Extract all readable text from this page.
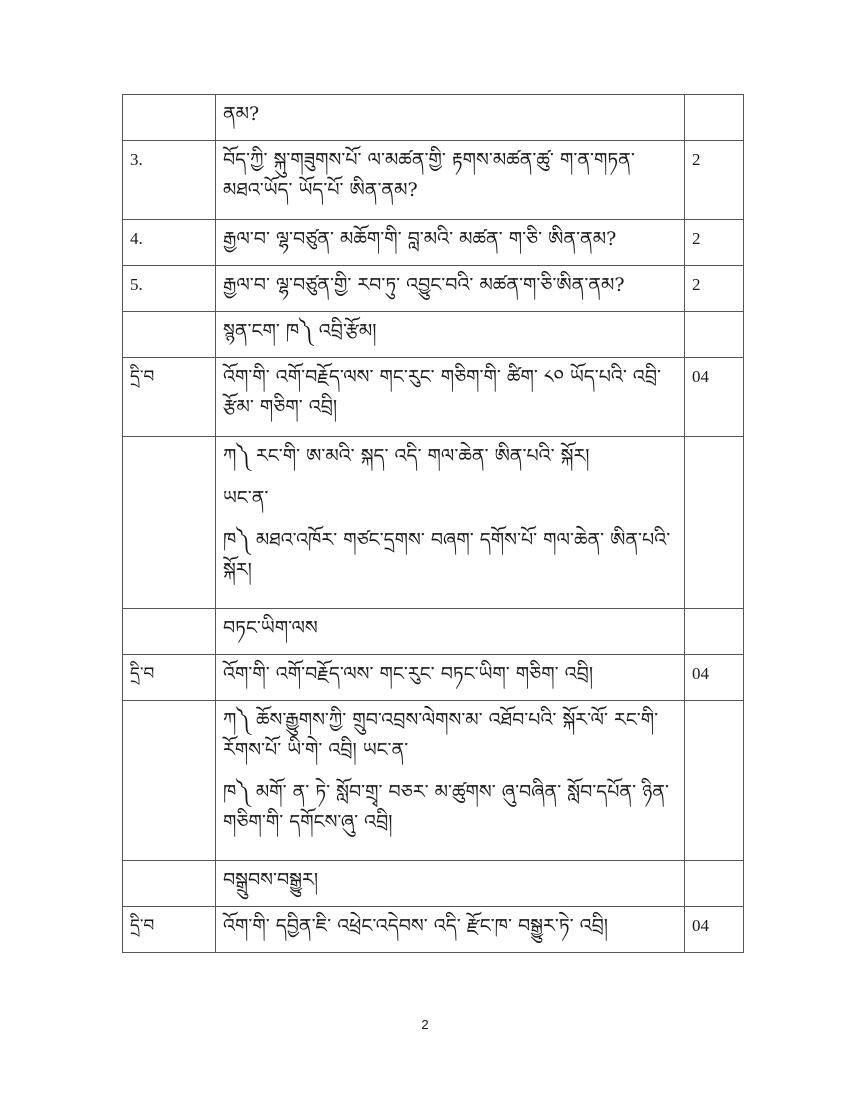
	ནམ?	

3.	བོད་ཀྱི་ སྐུ་གཟུགས་པོ་ ལ་མཚན་གྱི་ རྟགས་མཚན་ཚུ་ ག་ན་གཏན་ མཐའ་ཡོད་ ཡོད་པོ་ ཨིན་ནམ?	2
4.	རྒྱལ་བ་ ལྷ་བཙུན་ མཆོག་གི་ བླ་མའི་ མཚན་ ག་ཅི་ ཨིན་ནམ?	2
5.	རྒྱལ་བ་ ལྷ་བཙུན་གྱི་ རབ་ཏུ་ འབྱུང་བའི་ མཚན་ག་ཅི་ཨིན་ནམ?	2

	སྙན་ངག་ ཁ༽ འབྲི་རྩོམ།	

དྲི་བ	འོག་གི་ འགོ་བརྗོད་ལས་ གང་རུང་ གཅིག་གི་ ཚིག་ ༨༠ ཡོད་པའི་ འབྲི་རྩོམ་ གཅིག་ འབྲི།	04

	ཀ༽ རང་གི་ ཨ་མའི་ སྐད་ འདི་ གལ་ཆེན་ ཨིན་པའི་ སྐོར།
ཡང་ན་
ཁ༽ མཐའ་འཁོར་ གཙང་དྲགས་ བཞག་ དགོས་པོ་ གལ་ཆེན་ ཨིན་པའི་ སྐོར།	

	བཏང་ཡིག་ལས	

དྲི་བ	འོག་གི་ འགོ་བརྗོད་ལས་ གང་རུང་ བཏང་ཡིག་ གཅིག་ འབྲི།	04

	ཀ༽ ཆོས་རྒྱུགས་ཀྱི་ གྲུབ་འབྲས་ལེགས་མ་ འཐོབ་པའི་ སྐོར་ལོ་ རང་གི་ རོགས་པོ་ ཡི་གེ་ འབྲི། ཡང་ན་
ཁ༽ མགོ་ ན་ ཏེ་ སློབ་གྲྭ་ བཅར་ མ་ཚུགས་ ཞུ་བཞིན་ སློབ་དཔོན་ ཉིན་ གཅིག་གི་ དགོངས་ཞུ་ འབྲི།	

	བསྒྲུབས་བསྒྱུར།	

དྲི་བ	འོག་གི་ དབྱིན་ཇི་ འཕྲེང་འདེབས་ འདི་ རྫོང་ཁ་ བསྒྱུར་ཏེ་ འབྲི།	04
2
